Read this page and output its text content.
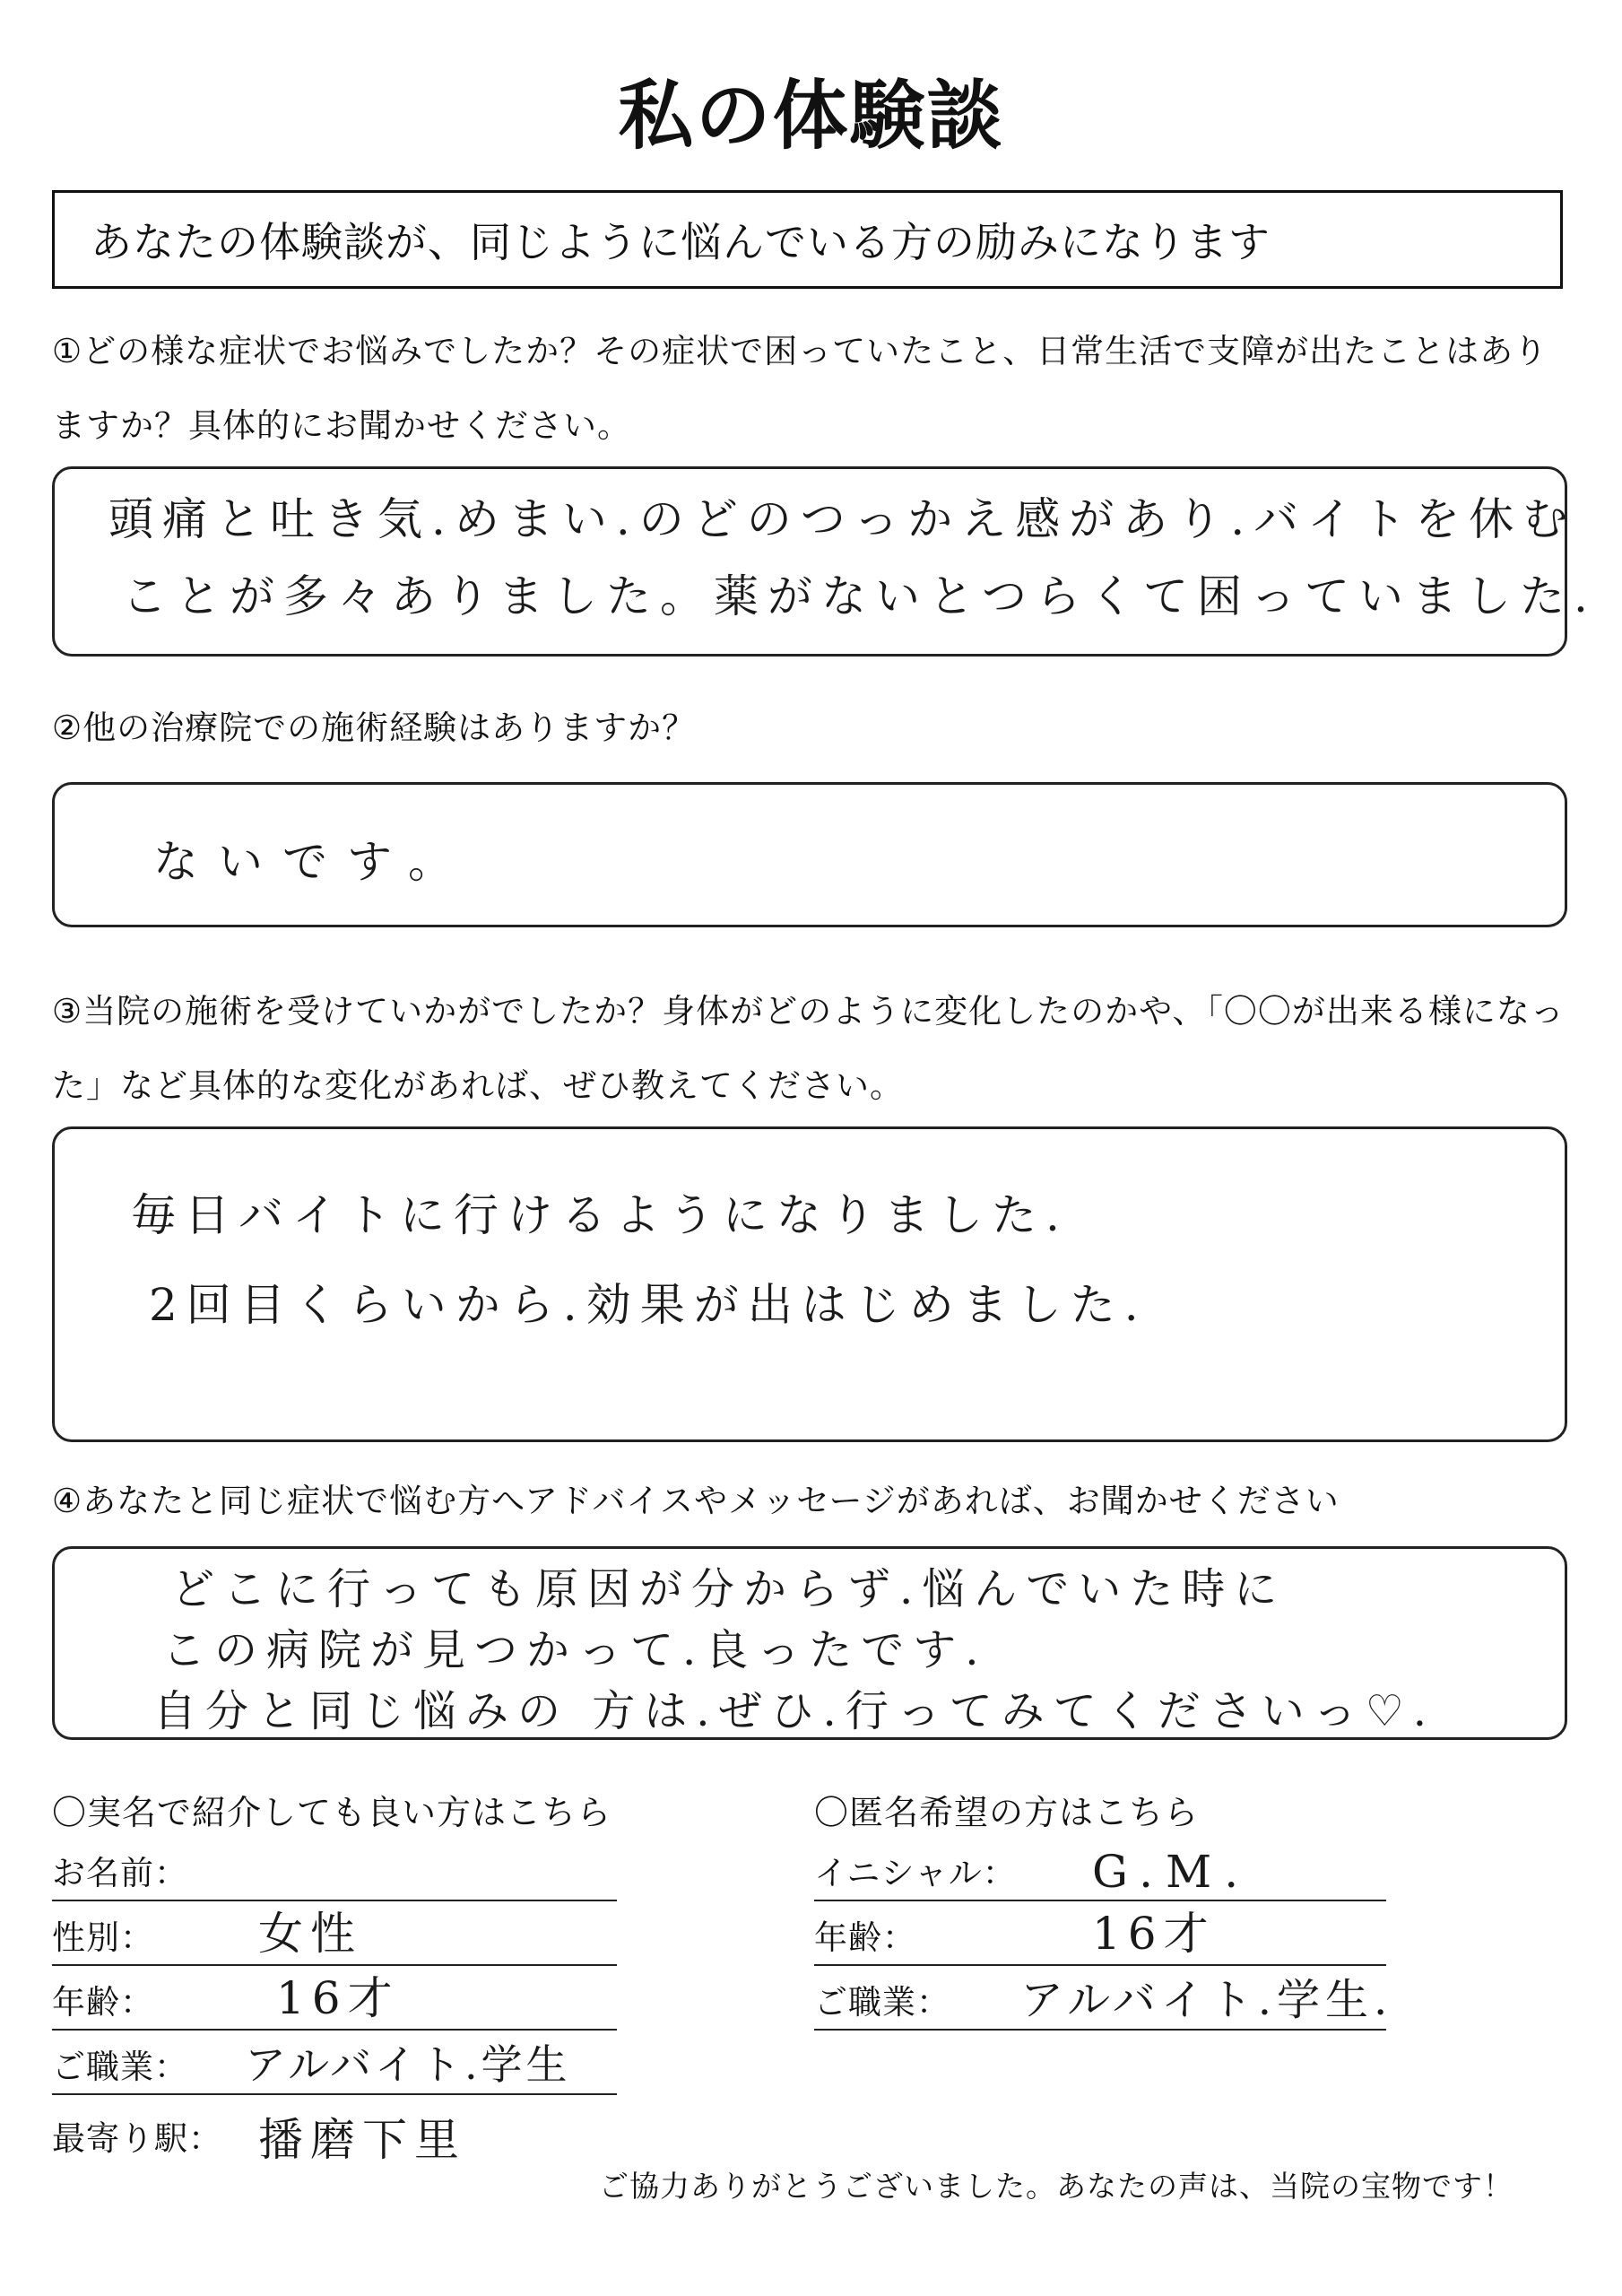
私の体験談
あなたの体験談が、同じように悩んでいる方の励みになります
①どの様な症状でお悩みでしたか？その症状で困っていたこと、日常生活で支障が出たことはありますか？具体的にお聞かせください。
頭痛と吐き気.めまい.のどのつっかえ感があり.バイトを休む
ことが多々ありました。薬がないとつらくて困っていました.
②他の治療院での施術経験はありますか？
ないです。
③当院の施術を受けていかがでしたか？身体がどのように変化したのかや、「〇〇が出来る様になった」など具体的な変化があれば、ぜひ教えてください。
毎日バイトに行けるようになりました.
2回目くらいから.効果が出はじめました.
④あなたと同じ症状で悩む方へアドバイスやメッセージがあれば、お聞かせください
どこに行っても原因が分からず.悩んでいた時に
この病院が見つかって.良ったです.
自分と同じ悩みの 方は.ぜひ.行ってみてくださいっ♡.
〇実名で紹介しても良い方はこちら
お名前：
性別： 女性
年齢：	16才
ご職業： アルバイト.学生
最寄り駅： 播磨下里
〇匿名希望の方はこちら
イニシャル： G.M.
年齢：	16才
ご職業： アルバイト.学生.
ご協力ありがとうございました。あなたの声は、当院の宝物です！
